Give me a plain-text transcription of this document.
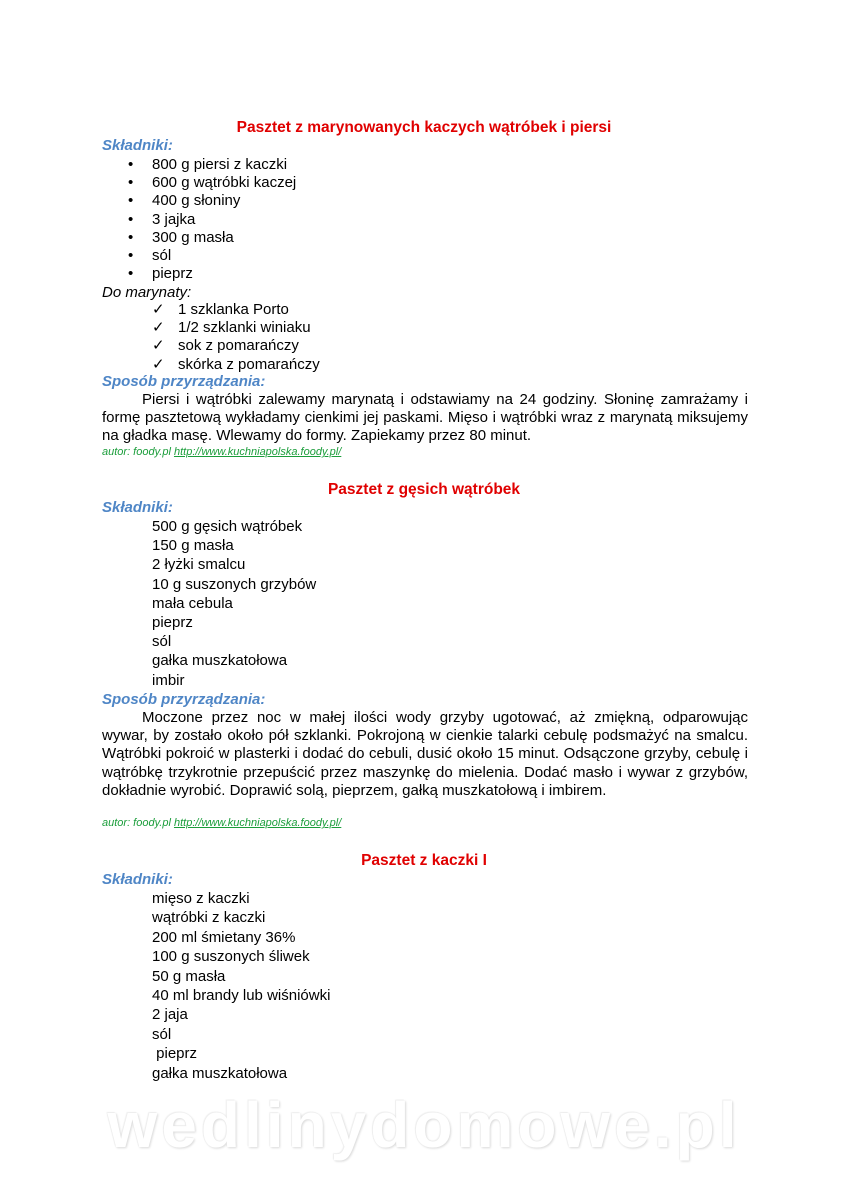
Pasztet z marynowanych kaczych wątróbek i piersi
Składniki:
• 800 g piersi z kaczki
• 600 g wątróbki kaczej
• 400 g słoniny
• 3 jajka
• 300 g masła
• sól
• pieprz
Do marynaty:
✓ 1 szklanka Porto
✓ 1/2 szklanki winiaku
✓ sok z pomarańczy
✓ skórka z pomarańczy
Sposób przyrządzania:

Piersi i wątróbki zalewamy marynatą i odstawiamy na 24 godziny. Słoninę zamrażamy i formę pasztetową wykładamy cienkimi jej paskami. Mięso i wątróbki wraz z marynatą miksujemy na gładka masę. Wlewamy do formy. Zapiekamy przez 80 minut.

autor: foody.pl http://www.kuchniapolska.foody.pl/
Pasztet z gęsich wątróbek
Składniki:
500 g gęsich wątróbek
150 g masła
2 łyżki smalcu
10 g suszonych grzybów
mała cebula
pieprz
sól
gałka muszkatołowa
imbir
Sposób przyrządzania:

Moczone przez noc w małej ilości wody grzyby ugotować, aż zmiękną, odparowując wywar, by zostało około pół szklanki. Pokrojoną w cienkie talarki cebulę podsmażyć na smalcu. Wątróbki pokroić w plasterki i dodać do cebuli, dusić około 15 minut. Odsączone grzyby, cebulę i wątróbkę trzykrotnie przepuścić przez maszynkę do mielenia. Dodać masło i wywar z grzybów, dokładnie wyrobić. Doprawić solą, pieprzem, gałką muszkatołową i imbirem.

autor: foody.pl http://www.kuchniapolska.foody.pl/
Pasztet z kaczki I
Składniki:
mięso z kaczki
wątróbki z kaczki
200 ml śmietany 36%
100 g suszonych śliwek
50 g masła
40 ml brandy lub wiśniówki
2 jaja
sól
pieprz
gałka muszkatołowa
wedlinydomowe.pl
